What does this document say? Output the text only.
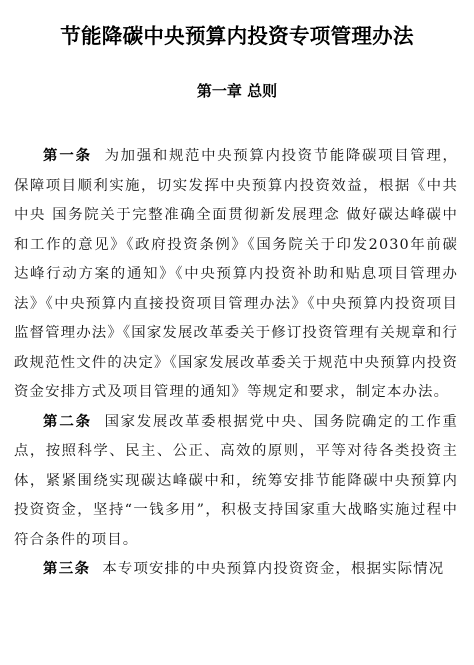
节能降碳中央预算内投资专项管理办法
第一章 总则

第一条 为加强和规范中央预算内投资节能降碳项目管理，保障项目顺利实施，切实发挥中央预算内投资效益，根据《中共中央 国务院关于完整准确全面贯彻新发展理念 做好碳达峰碳中和工作的意见》《政府投资条例》《国务院关于印发2030年前碳达峰行动方案的通知》《中央预算内投资补助和贴息项目管理办法》《中央预算内直接投资项目管理办法》《中央预算内投资项目监督管理办法》《国家发展改革委关于修订投资管理有关规章和行政规范性文件的决定》《国家发展改革委关于规范中央预算内投资资金安排方式及项目管理的通知》等规定和要求，制定本办法。

第二条 国家发展改革委根据党中央、国务院确定的工作重点，按照科学、民主、公正、高效的原则，平等对待各类投资主体，紧紧围绕实现碳达峰碳中和，统筹安排节能降碳中央预算内投资资金，坚持“一钱多用”，积极支持国家重大战略实施过程中符合条件的项目。

第三条 本专项安排的中央预算内投资资金，根据实际情况
